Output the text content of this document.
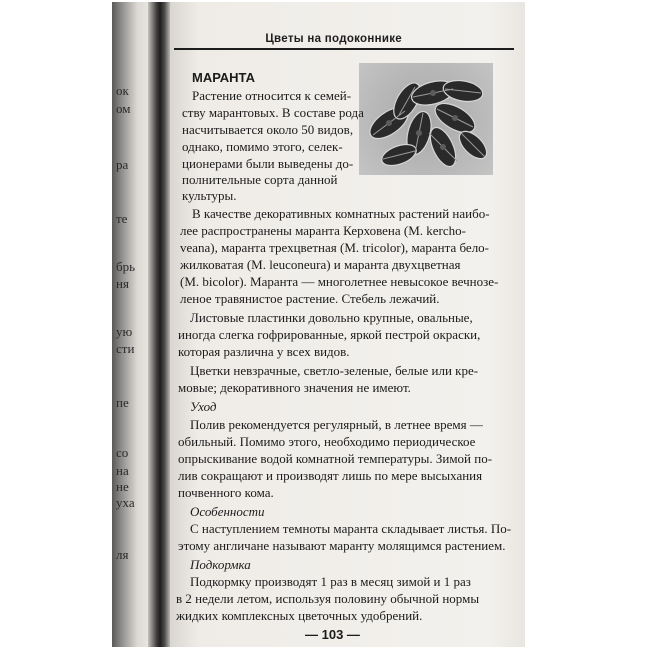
ок
ом
ра
те
брь
ня
ую
сти
пе
со
на
не
уха
ля
Цветы на подоконнике
МАРАНТА
Растение относится к семей-
ству марантовых. В составе рода
насчитывается около 50 видов,
однако, помимо этого, селек-
ционерами были выведены до-
полнительные сорта данной
культуры.
В качестве декоративных комнатных растений наибо-
лее распространены маранта Керховена (M. kercho-
veana), маранта трехцветная (M. tricolor), маранта бело-
жилковатая (M. leuconeura) и маранта двухцветная
(M. bicolor). Маранта — многолетнее невысокое вечнозе-
леное травянистое растение. Стебель лежачий.
Листовые пластинки довольно крупные, овальные,
иногда слегка гофрированные, яркой пестрой окраски,
которая различна у всех видов.
Цветки невзрачные, светло-зеленые, белые или кре-
мовые; декоративного значения не имеют.
Уход
Полив рекомендуется регулярный, в летнее время —
обильный. Помимо этого, необходимо периодическое
опрыскивание водой комнатной температуры. Зимой по-
лив сокращают и производят лишь по мере высыхания
почвенного кома.
Особенности
С наступлением темноты маранта складывает листья. По-
этому англичане называют маранту молящимся растением.
Подкормка
Подкормку производят 1 раз в месяц зимой и 1 раз
в 2 недели летом, используя половину обычной нормы
жидких комплексных цветочных удобрений.
— 103 —
